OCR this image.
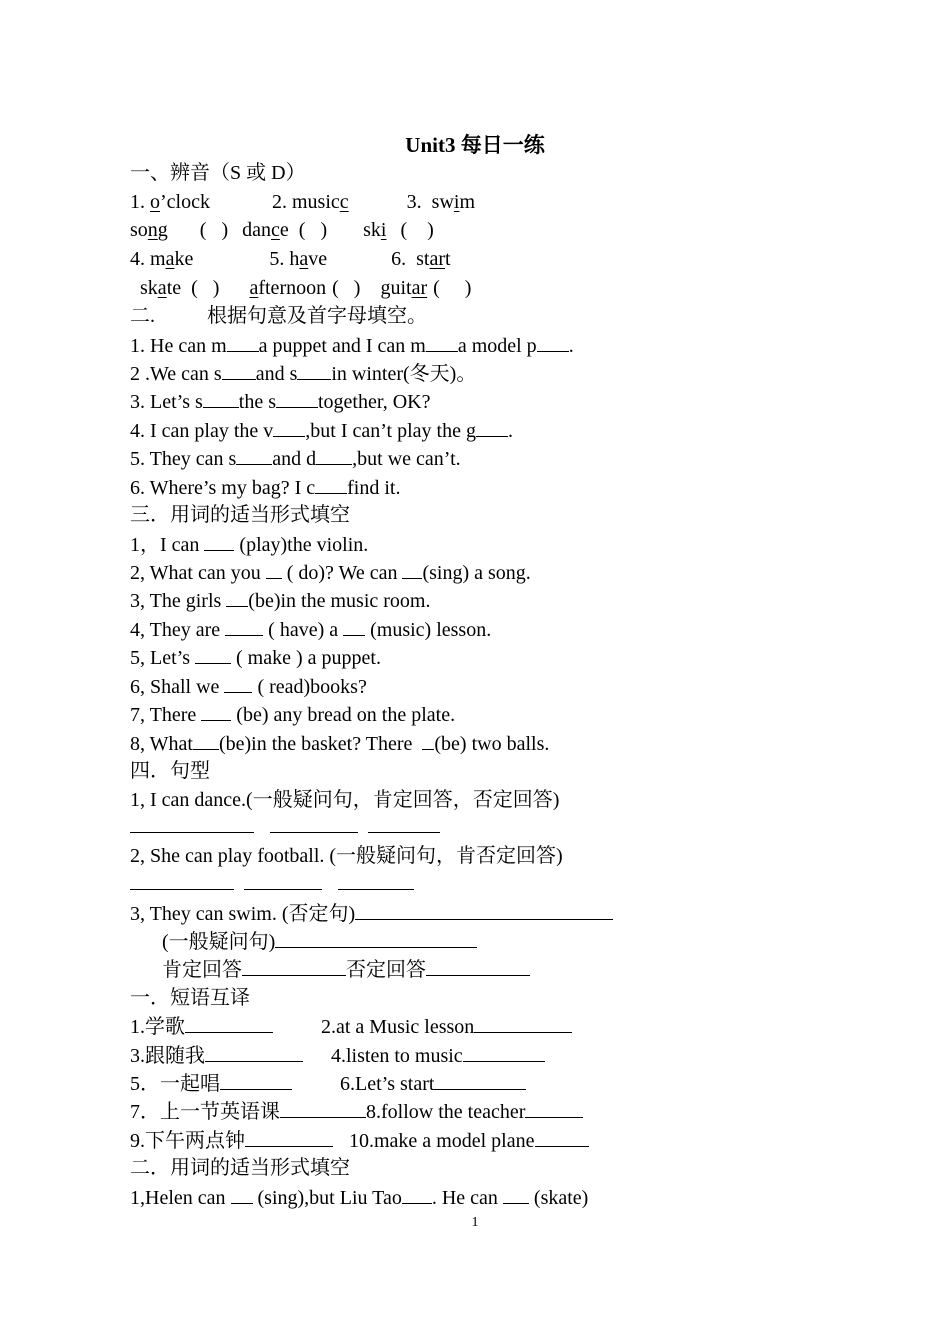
Unit3 每日一练
一、辨音（S 或 D）
1. o’clock	2. musicc	3.  swim
song (   ) dance (   ) ski (    )
4. make	5. have	6.  start
skate (   ) afternoon (   ) guitar (     )
二.	根据句意及首字母填空。
1. He can m a puppet and I can m a model p .
2 .We can s and s in winter(冬天)。
3. Let’s s the s together, OK?
4. I can play the v ,but I can’t play the g .
5. They can s and d ,but we can’t.
6. Where’s my bag? I c find it.
三．用词的适当形式填空
1，I can  (play)the violin.
2, What can you  ( do)? We can (sing) a song.
3, The girls (be)in the music room.
4, They are  ( have) a  (music) lesson.
5, Let’s  ( make ) a puppet.
6, Shall we  ( read)books?
7, There  (be) any bread on the plate.
8, What (be)in the basket? There  (be) two balls.
四．句型
1, I can dance.(一般疑问句，肯定回答，否定回答)
2, She can play football. (一般疑问句，肯否定回答)
3, They can swim. (否定句)
(一般疑问句)
肯定回答	否定回答
一．短语互译
1.学歌	2.at a Music lesson
3.跟随我	4.listen to music
5．一起唱	6.Let’s start
7．上一节英语课	8.follow the teacher
9.下午两点钟	10.make a model plane
二．用词的适当形式填空
1,Helen can  (sing),but Liu Tao . He can  (skate)
1
